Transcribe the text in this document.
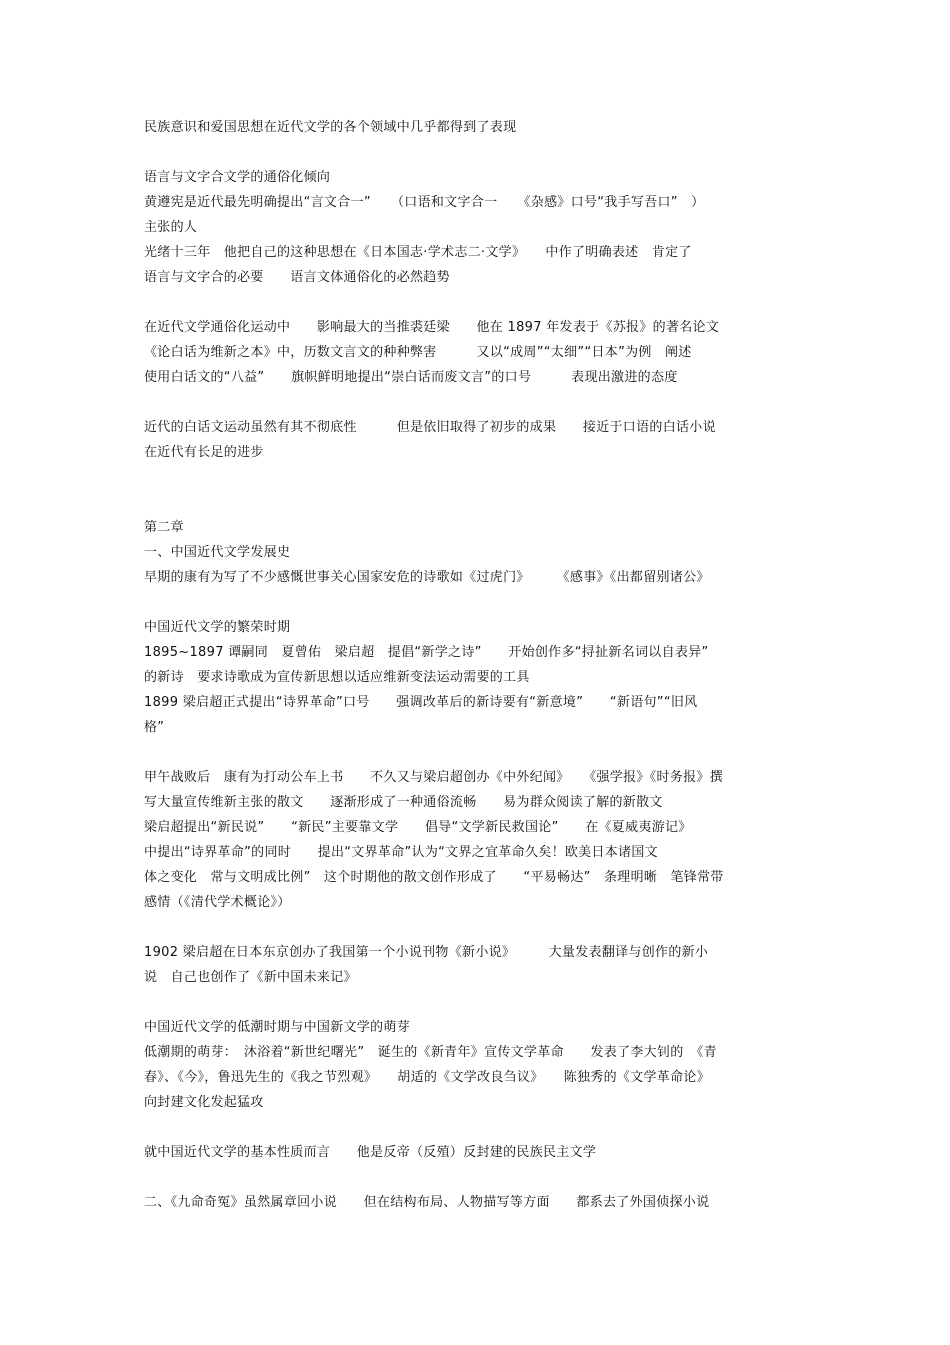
民族意识和爱国思想在近代文学的各个领域中几乎都得到了表现
语言与文字合文学的通俗化倾向
黄遵宪是近代最先明确提出“言文合一”　　（口语和文字合一　　《杂感》口号“我手写吾口”　）
主张的人
光绪十三年　他把自己的这种思想在《日本国志·学术志二·文学》　　中作了明确表述　肯定了
语言与文字合的必要　　语言文体通俗化的必然趋势
在近代文学通俗化运动中　　影响最大的当推裘廷梁　　他在 1897 年发表于《苏报》的著名论文
《论白话为维新之本》中，历数文言文的种种弊害　　　又以“成周”“太细”“日本”为例　阐述
使用白话文的“八益”　　旗帜鲜明地提出“崇白话而废文言”的口号　　　表现出激进的态度
近代的白话文运动虽然有其不彻底性　　　但是依旧取得了初步的成果　　接近于口语的白话小说
在近代有长足的进步
第二章
一、中国近代文学发展史
早期的康有为写了不少感慨世事关心国家安危的诗歌如《过虎门》　　　《感事》《出都留别诸公》
中国近代文学的繁荣时期
1895~1897 谭嗣同　夏曾佑　梁启超　提倡“新学之诗”　　开始创作多“挦扯新名词以自表异”
的新诗　要求诗歌成为宣传新思想以适应维新变法运动需要的工具
1899 梁启超正式提出“诗界革命”口号　　强调改革后的新诗要有“新意境”　　“新语句”“旧风
格”
甲午战败后　康有为打动公车上书　　不久又与梁启超创办《中外纪闻》　　《强学报》《时务报》撰
写大量宣传维新主张的散文　　逐渐形成了一种通俗流畅　　易为群众阅读了解的新散文
梁启超提出“新民说”　　“新民”主要靠文学　　倡导“文学新民救国论”　　在《夏威夷游记》
中提出“诗界革命”的同时　　提出“文界革命”认为“文界之宜革命久矣！欧美日本诸国文
体之变化　常与文明成比例”　这个时期他的散文创作形成了　　“平易畅达”　条理明晰　笔锋常带
感情（《清代学术概论》）
1902 梁启超在日本东京创办了我国第一个小说刊物《新小说》　　　大量发表翻译与创作的新小
说　自己也创作了《新中国未来记》
中国近代文学的低潮时期与中国新文学的萌芽
低潮期的萌芽：　沐浴着“新世纪曙光”　诞生的《新青年》宣传文学革命　　发表了李大钊的　《青
春》、《今》，鲁迅先生的《我之节烈观》　　胡适的《文学改良刍议》　　陈独秀的《文学革命论》
向封建文化发起猛攻
就中国近代文学的基本性质而言　　他是反帝（反殖）反封建的民族民主文学
二、《九命奇冤》虽然属章回小说　　但在结构布局、人物描写等方面　　都系去了外国侦探小说
